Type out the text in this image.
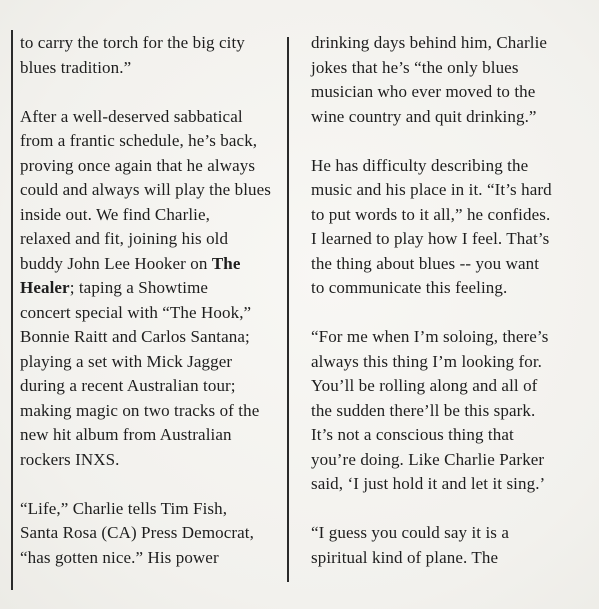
to carry the torch for the big city
blues tradition.”
After a well-deserved sabbatical
from a frantic schedule, he’s back,
proving once again that he always
could and always will play the blues
inside out. We find Charlie,
relaxed and fit, joining his old
buddy John Lee Hooker on The
Healer; taping a Showtime
concert special with “The Hook,”
Bonnie Raitt and Carlos Santana;
playing a set with Mick Jagger
during a recent Australian tour;
making magic on two tracks of the
new hit album from Australian
rockers INXS.
“Life,” Charlie tells Tim Fish,
Santa Rosa (CA) Press Democrat,
“has gotten nice.” His power
drinking days behind him, Charlie
jokes that he’s “the only blues
musician who ever moved to the
wine country and quit drinking.”
He has difficulty describing the
music and his place in it. “It’s hard
to put words to it all,” he confides.
I learned to play how I feel. That’s
the thing about blues -- you want
to communicate this feeling.
“For me when I’m soloing, there’s
always this thing I’m looking for.
You’ll be rolling along and all of
the sudden there’ll be this spark.
It’s not a conscious thing that
you’re doing. Like Charlie Parker
said, ‘I just hold it and let it sing.’
“I guess you could say it is a
spiritual kind of plane. The
